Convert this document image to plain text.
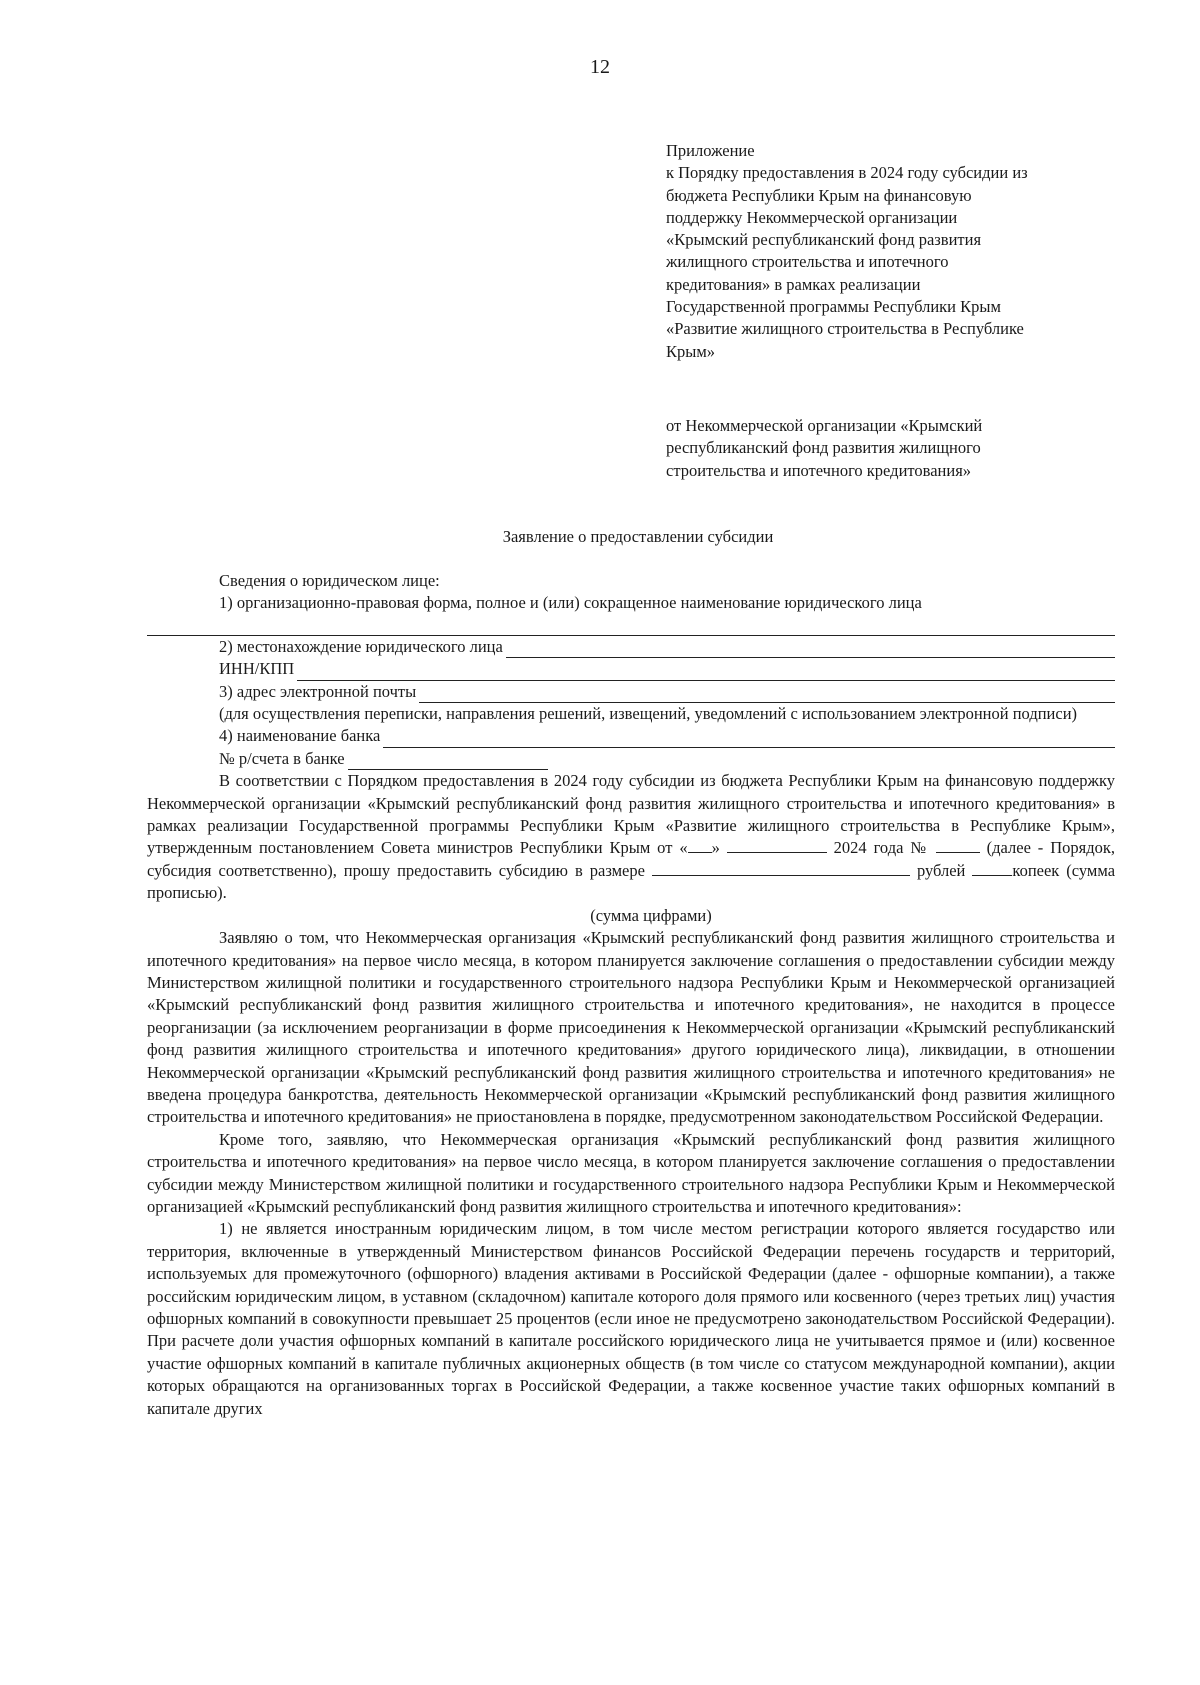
12
Приложение
к Порядку предоставления в 2024 году субсидии из
бюджета Республики Крым на финансовую
поддержку Некоммерческой организации
«Крымский республиканский фонд развития
жилищного строительства и ипотечного
кредитования» в рамках реализации
Государственной программы Республики Крым
«Развитие жилищного строительства в Республике
Крым»
от Некоммерческой организации «Крымский
республиканский фонд развития жилищного
строительства и ипотечного кредитования»
Заявление о предоставлении субсидии

Сведения о юридическом лице:

1) организационно-правовая форма, полное и (или) сокращенное наименование юридического лица

2) местонахождение юридического лица
ИНН/КПП
3) адрес электронной почты

(для осуществления переписки, направления решений, извещений, уведомлений с использованием электронной подписи)

4) наименование банка
№ р/счета в банке

В соответствии с Порядком предоставления в 2024 году субсидии из бюджета Республики Крым на финансовую поддержку Некоммерческой организации «Крымский республиканский фонд развития жилищного строительства и ипотечного кредитования» в рамках реализации Государственной программы Республики Крым «Развитие жилищного строительства в Республике Крым», утвержденным постановлением Совета министров Республики Крым от « »	2024 года №	(далее - Порядок, субсидия соответственно), прошу предоставить субсидию в размере	рублей	копеек (сумма прописью).

(сумма цифрами)

Заявляю о том, что Некоммерческая организация «Крымский республиканский фонд развития жилищного строительства и ипотечного кредитования» на первое число месяца, в котором планируется заключение соглашения о предоставлении субсидии между Министерством жилищной политики и государственного строительного надзора Республики Крым и Некоммерческой организацией «Крымский республиканский фонд развития жилищного строительства и ипотечного кредитования», не находится в процессе реорганизации (за исключением реорганизации в форме присоединения к Некоммерческой организации «Крымский республиканский фонд развития жилищного строительства и ипотечного кредитования» другого юридического лица), ликвидации, в отношении Некоммерческой организации «Крымский республиканский фонд развития жилищного строительства и ипотечного кредитования» не введена процедура банкротства, деятельность Некоммерческой организации «Крымский республиканский фонд развития жилищного строительства и ипотечного кредитования» не приостановлена в порядке, предусмотренном законодательством Российской Федерации.

Кроме того, заявляю, что Некоммерческая организация «Крымский республиканский фонд развития жилищного строительства и ипотечного кредитования» на первое число месяца, в котором планируется заключение соглашения о предоставлении субсидии между Министерством жилищной политики и государственного строительного надзора Республики Крым и Некоммерческой организацией «Крымский республиканский фонд развития жилищного строительства и ипотечного кредитования»:

1) не является иностранным юридическим лицом, в том числе местом регистрации которого является государство или территория, включенные в утвержденный Министерством финансов Российской Федерации перечень государств и территорий, используемых для промежуточного (офшорного) владения активами в Российской Федерации (далее - офшорные компании), а также российским юридическим лицом, в уставном (складочном) капитале которого доля прямого или косвенного (через третьих лиц) участия офшорных компаний в совокупности превышает 25 процентов (если иное не предусмотрено законодательством Российской Федерации). При расчете доли участия офшорных компаний в капитале российского юридического лица не учитывается прямое и (или) косвенное участие офшорных компаний в капитале публичных акционерных обществ (в том числе со статусом международной компании), акции которых обращаются на организованных торгах в Российской Федерации, а также косвенное участие таких офшорных компаний в капитале других
